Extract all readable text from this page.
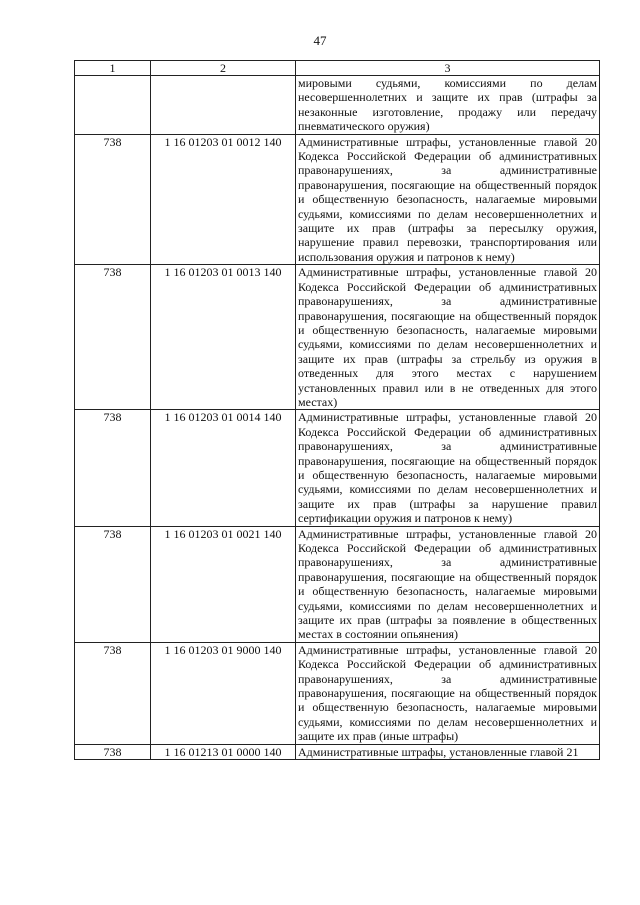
47
1	2	3
		мировыми судьями, комиссиями по делам несовершеннолетних и защите их прав (штрафы за незаконные изготовление, продажу или передачу пневматического оружия)
738	1 16 01203 01 0012 140	Административные штрафы, установленные главой 20 Кодекса Российской Федерации об административных правонарушениях, за административные правонарушения, посягающие на общественный порядок и общественную безопасность, налагаемые мировыми судьями, комиссиями по делам несовершеннолетних и защите их прав (штрафы за пересылку оружия, нарушение правил перевозки, транспортирования или использования оружия и патронов к нему)
738	1 16 01203 01 0013 140	Административные штрафы, установленные главой 20 Кодекса Российской Федерации об административных правонарушениях, за административные правонарушения, посягающие на общественный порядок и общественную безопасность, налагаемые мировыми судьями, комиссиями по делам несовершеннолетних и защите их прав (штрафы за стрельбу из оружия в отведенных для этого местах с нарушением установленных правил или в не отведенных для этого местах)
738	1 16 01203 01 0014 140	Административные штрафы, установленные главой 20 Кодекса Российской Федерации об административных правонарушениях, за административные правонарушения, посягающие на общественный порядок и общественную безопасность, налагаемые мировыми судьями, комиссиями по делам несовершеннолетних и защите их прав (штрафы за нарушение правил сертификации оружия и патронов к нему)
738	1 16 01203 01 0021 140	Административные штрафы, установленные главой 20 Кодекса Российской Федерации об административных правонарушениях, за административные правонарушения, посягающие на общественный порядок и общественную безопасность, налагаемые мировыми судьями, комиссиями по делам несовершеннолетних и защите их прав (штрафы за появление в общественных местах в состоянии опьянения)
738	1 16 01203 01 9000 140	Административные штрафы, установленные главой 20 Кодекса Российской Федерации об административных правонарушениях, за административные правонарушения, посягающие на общественный порядок и общественную безопасность, налагаемые мировыми судьями, комиссиями по делам несовершеннолетних и защите их прав (иные штрафы)
738	1 16 01213 01 0000 140	Административные штрафы, установленные главой 21
